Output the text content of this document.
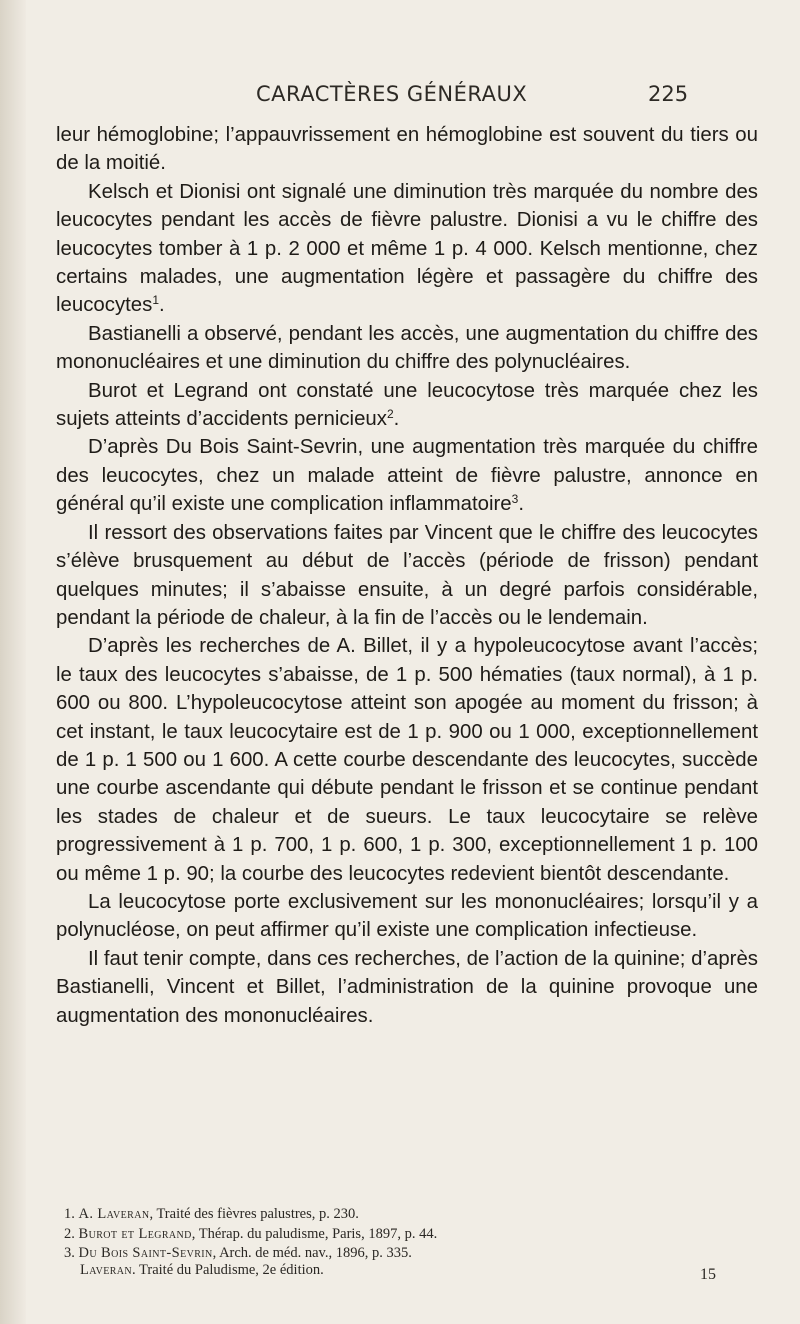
CARACTÈRES GÉNÉRAUX	225

leur hémoglobine; l’appauvrissement en hémoglobine est souvent du tiers ou de la moitié.

Kelsch et Dionisi ont signalé une diminution très marquée du nombre des leucocytes pendant les accès de fièvre palustre. Dionisi a vu le chiffre des leucocytes tomber à 1 p. 2 000 et même 1 p. 4 000. Kelsch mentionne, chez certains malades, une augmentation légère et passagère du chiffre des leucocytes$^1$.

Bastianelli a observé, pendant les accès, une augmentation du chiffre des mononucléaires et une diminution du chiffre des polynucléaires.

Burot et Legrand ont constaté une leucocytose très marquée chez les sujets atteints d’accidents pernicieux$^2$.

D’après Du Bois Saint-Sevrin, une augmentation très marquée du chiffre des leucocytes, chez un malade atteint de fièvre palustre, annonce en général qu’il existe une complication inflammatoire$^3$.

Il ressort des observations faites par Vincent que le chiffre des leucocytes s’élève brusquement au début de l’accès (période de frisson) pendant quelques minutes; il s’abaisse ensuite, à un degré parfois considérable, pendant la période de chaleur, à la fin de l’accès ou le lendemain.

D’après les recherches de A. Billet, il y a hypoleucocytose avant l’accès; le taux des leucocytes s’abaisse, de 1 p. 500 hématies (taux normal), à 1 p. 600 ou 800. L’hypoleucocytose atteint son apogée au moment du frisson; à cet instant, le taux leucocytaire est de 1 p. 900 ou 1 000, exceptionnellement de 1 p. 1 500 ou 1 600. A cette courbe descendante des leucocytes, succède une courbe ascendante qui débute pendant le frisson et se continue pendant les stades de chaleur et de sueurs. Le taux leucocytaire se relève progressivement à 1 p. 700, 1 p. 600, 1 p. 300, exceptionnellement 1 p. 100 ou même 1 p. 90; la courbe des leucocytes redevient bientôt descendante.

La leucocytose porte exclusivement sur les mononucléaires; lorsqu’il y a polynucléose, on peut affirmer qu’il existe une complication infectieuse.

Il faut tenir compte, dans ces recherches, de l’action de la quinine; d’après Bastianelli, Vincent et Billet, l’administration de la quinine provoque une augmentation des mononucléaires.

1. A. Laveran, Traité des fièvres palustres, p. 230.
2. Burot et Legrand, Thérap. du paludisme, Paris, 1897, p. 44.
3. Du Bois Saint-Sevrin, Arch. de méd. nav., 1896, p. 335.
Laveran. Traité du Paludisme, 2e édition.	15
